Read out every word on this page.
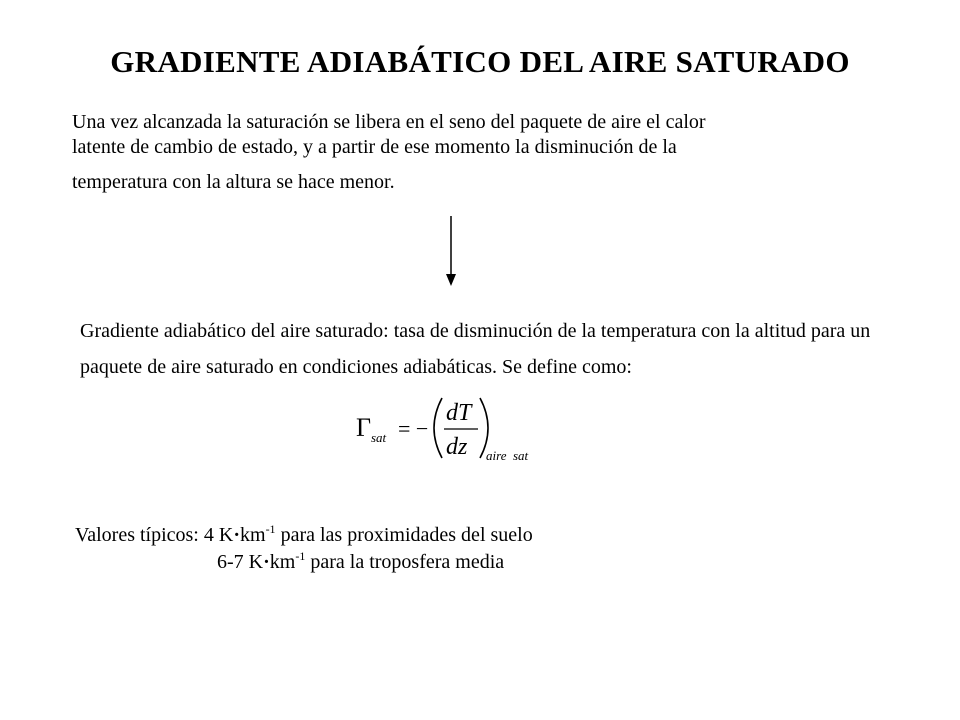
GRADIENTE ADIABÁTICO DEL AIRE SATURADO

Una vez alcanzada la saturación se libera en el seno del paquete de aire el calor
latente de cambio de estado, y a partir de ese momento la disminución de la
temperatura con la altura se hace menor.

Gradiente adiabático del aire saturado: tasa de disminución de la temperatura con la altitud para un paquete de aire saturado en condiciones adiabáticas. Se define como:

Γ sat = −
dT
dz aire  sat
Valores típicos: 4 $K\cdot km^{-1}$ para las proximidades del suelo
6-7 $K\cdot km^{-1}$ para la troposfera media
